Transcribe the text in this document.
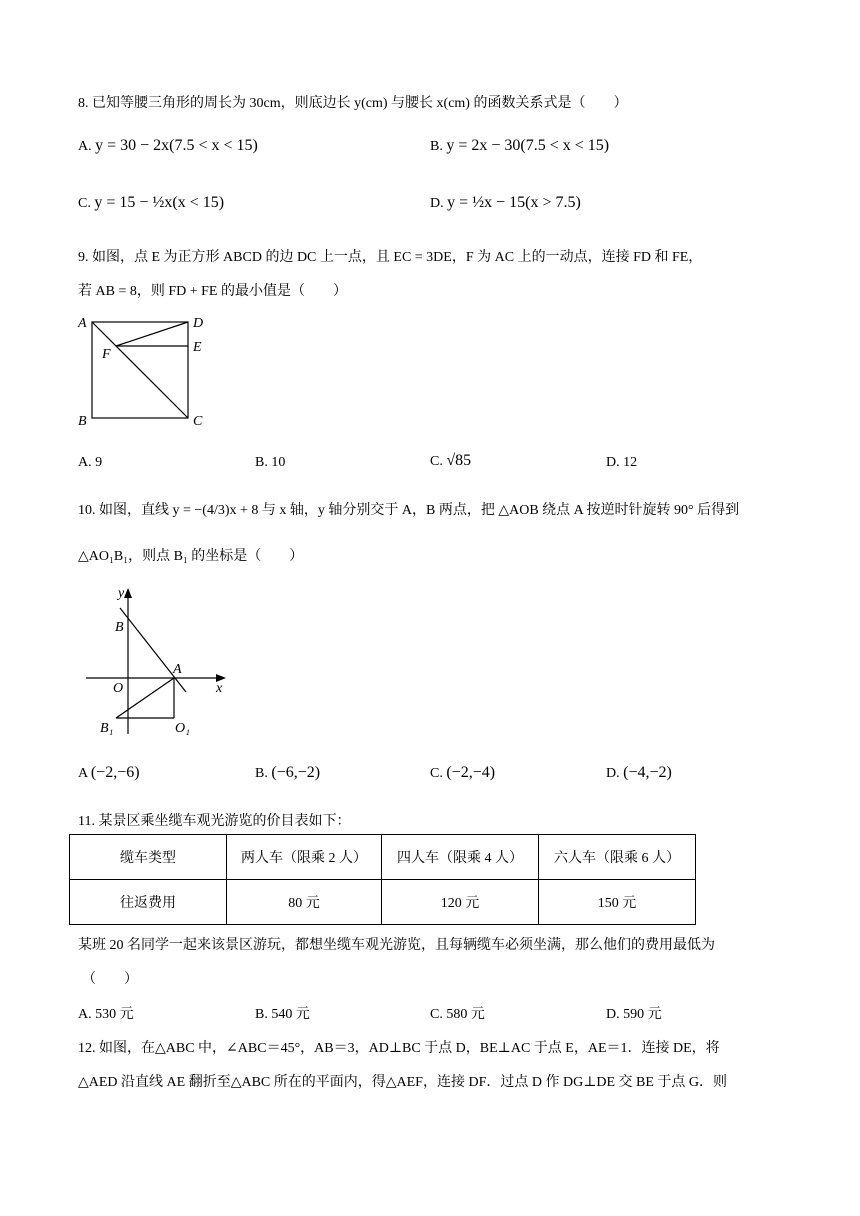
8. 已知等腰三角形的周长为 30cm，则底边长 y(cm) 与腰长 x(cm) 的函数关系式是（　　）
A. y = 30 − 2x(7.5 < x < 15)	B. y = 2x − 30(7.5 < x < 15)
C. y = 15 − ½x(x < 15)	D. y = ½x − 15(x > 7.5)
9. 如图，点 E 为正方形 ABCD 的边 DC 上一点，且 EC = 3DE，F 为 AC 上的一动点，连接 FD 和 FE，
若 AB = 8，则 FD + FE 的最小值是（　　）
A	D
E
F
B	C
A. 9	B. 10	C. √85	D. 12
10. 如图，直线 y = −(4/3)x + 8 与 x 轴，y 轴分别交于 A，B 两点，把 △AOB 绕点 A 按逆时针旋转 90° 后得到
△AO₁B₁，则点 B₁ 的坐标是（　　）
y
x
B
A
O
B₁	O₁
A (−2,−6)	B. (−6,−2)	C. (−2,−4)	D. (−4,−2)
11. 某景区乘坐缆车观光游览的价目表如下：
缆车类型	两人车（限乘 2 人）	四人车（限乘 4 人）	六人车（限乘 6 人）
往返费用	80 元	120 元	150 元
某班 20 名同学一起来该景区游玩，都想坐缆车观光游览，且每辆缆车必须坐满，那么他们的费用最低为
（　　）
A. 530 元	B. 540 元	C. 580 元	D. 590 元
12. 如图，在△ABC 中，∠ABC＝45°，AB＝3，AD⊥BC 于点 D，BE⊥AC 于点 E，AE＝1．连接 DE，将
△AED 沿直线 AE 翻折至△ABC 所在的平面内，得△AEF，连接 DF．过点 D 作 DG⊥DE 交 BE 于点 G．则
